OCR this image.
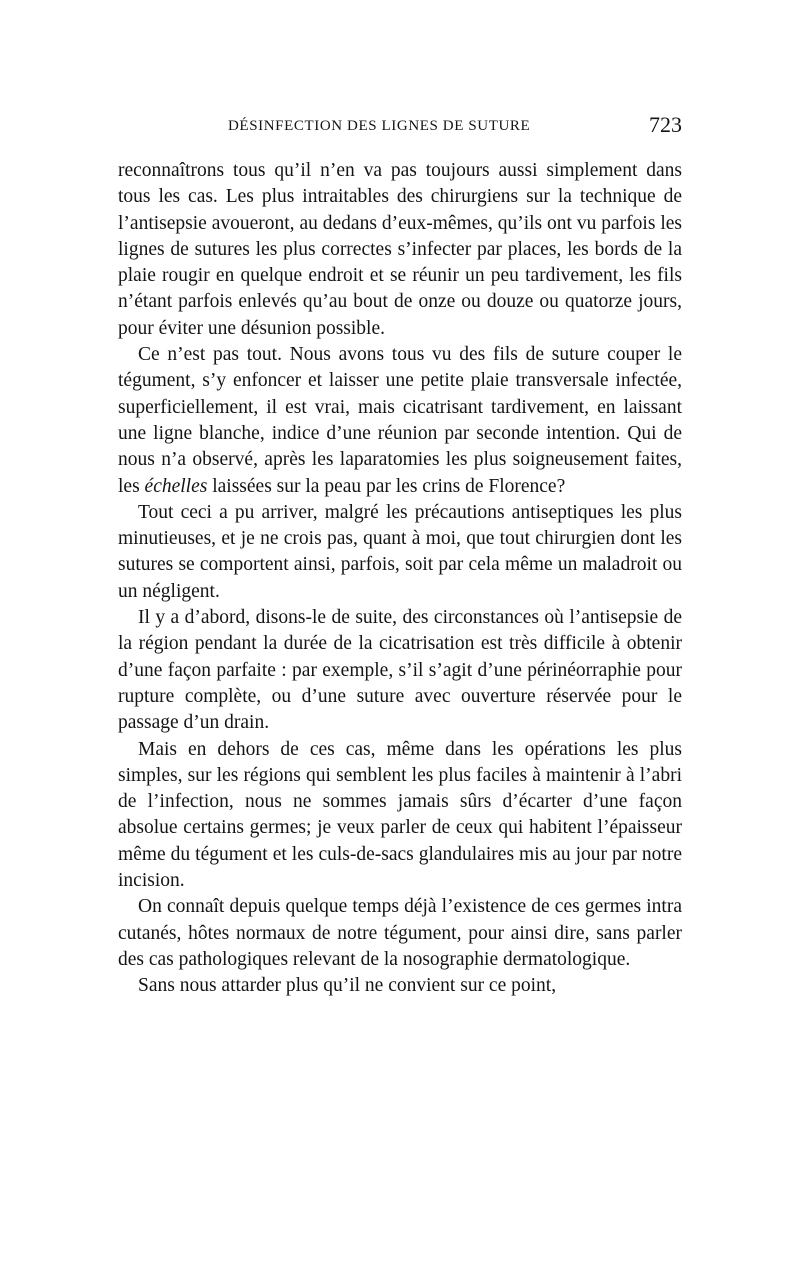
DÉSINFECTION DES LIGNES DE SUTURE	723

reconnaîtrons tous qu’il n’en va pas toujours aussi simplement dans tous les cas. Les plus intraitables des chirurgiens sur la technique de l’antisepsie avoueront, au dedans d’eux-mêmes, qu’ils ont vu parfois les lignes de sutures les plus correctes s’infecter par places, les bords de la plaie rougir en quelque endroit et se réunir un peu tardivement, les fils n’étant parfois enlevés qu’au bout de onze ou douze ou quatorze jours, pour éviter une désunion possible.

Ce n’est pas tout. Nous avons tous vu des fils de suture couper le tégument, s’y enfoncer et laisser une petite plaie transversale infectée, superficiellement, il est vrai, mais cicatrisant tardivement, en laissant une ligne blanche, indice d’une réunion par seconde intention. Qui de nous n’a observé, après les laparatomies les plus soigneusement faites, les échelles laissées sur la peau par les crins de Florence?

Tout ceci a pu arriver, malgré les précautions antiseptiques les plus minutieuses, et je ne crois pas, quant à moi, que tout chirurgien dont les sutures se comportent ainsi, parfois, soit par cela même un maladroit ou un négligent.

Il y a d’abord, disons-le de suite, des circonstances où l’antisepsie de la région pendant la durée de la cicatrisation est très difficile à obtenir d’une façon parfaite : par exemple, s’il s’agit d’une périnéorraphie pour rupture complète, ou d’une suture avec ouverture réservée pour le passage d’un drain.

Mais en dehors de ces cas, même dans les opérations les plus simples, sur les régions qui semblent les plus faciles à maintenir à l’abri de l’infection, nous ne sommes jamais sûrs d’écarter d’une façon absolue certains germes; je veux parler de ceux qui habitent l’épaisseur même du tégument et les culs-de-sacs glandulaires mis au jour par notre incision.

On connaît depuis quelque temps déjà l’existence de ces germes intra cutanés, hôtes normaux de notre tégument, pour ainsi dire, sans parler des cas pathologiques relevant de la nosographie dermatologique.

Sans nous attarder plus qu’il ne convient sur ce point,
